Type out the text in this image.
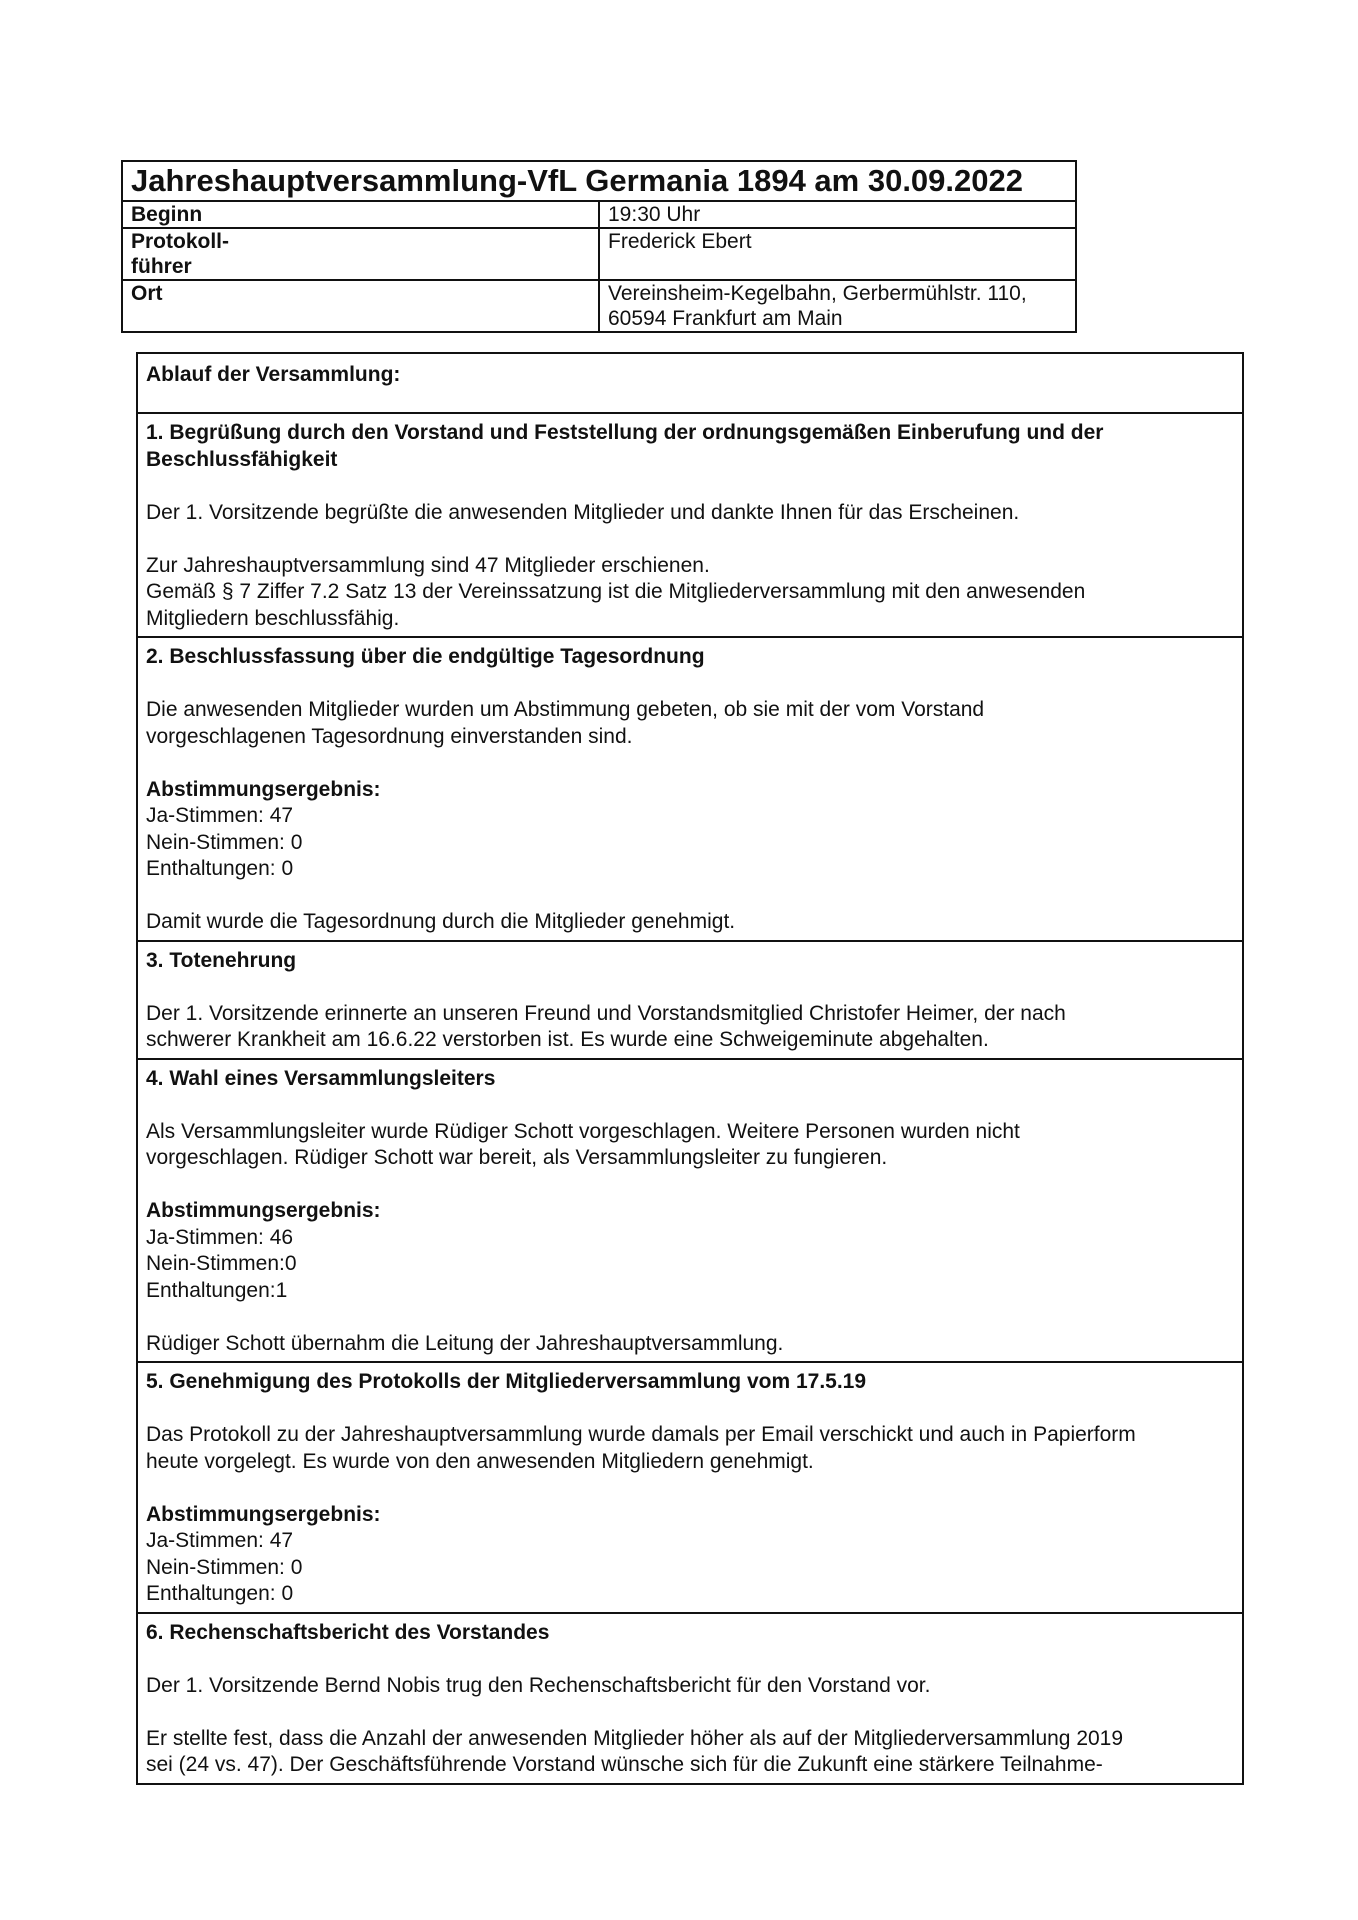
Jahreshauptversammlung-VfL Germania 1894 am 30.09.2022	
Beginn	19:30 Uhr

Protokoll-
führer	Frederick Ebert
Ort	Vereinsheim-Kegelbahn, Gerbermühlstr. 110, 60594 Frankfurt am Main

Ablauf der Versammlung:

1. Begrüßung durch den Vorstand und Feststellung der ordnungsgemäßen Einberufung und der
Beschlussfähigkeit

Der 1. Vorsitzende begrüßte die anwesenden Mitglieder und dankte Ihnen für das Erscheinen.

Zur Jahreshauptversammlung sind 47 Mitglieder erschienen.
Gemäß § 7 Ziffer 7.2 Satz 13 der Vereinssatzung ist die Mitgliederversammlung mit den anwesenden
Mitgliedern beschlussfähig.

2. Beschlussfassung über die endgültige Tagesordnung

Die anwesenden Mitglieder wurden um Abstimmung gebeten, ob sie mit der vom Vorstand
vorgeschlagenen Tagesordnung einverstanden sind.

Abstimmungsergebnis:
Ja-Stimmen: 47
Nein-Stimmen: 0
Enthaltungen: 0

Damit wurde die Tagesordnung durch die Mitglieder genehmigt.

3. Totenehrung

Der 1. Vorsitzende erinnerte an unseren Freund und Vorstandsmitglied Christofer Heimer, der nach
schwerer Krankheit am 16.6.22 verstorben ist. Es wurde eine Schweigeminute abgehalten.

4. Wahl eines Versammlungsleiters

Als Versammlungsleiter wurde Rüdiger Schott vorgeschlagen. Weitere Personen wurden nicht
vorgeschlagen. Rüdiger Schott war bereit, als Versammlungsleiter zu fungieren.

Abstimmungsergebnis:
Ja-Stimmen: 46
Nein-Stimmen:0
Enthaltungen:1

Rüdiger Schott übernahm die Leitung der Jahreshauptversammlung.

5. Genehmigung des Protokolls der Mitgliederversammlung vom 17.5.19

Das Protokoll zu der Jahreshauptversammlung wurde damals per Email verschickt und auch in Papierform
heute vorgelegt. Es wurde von den anwesenden Mitgliedern genehmigt.

Abstimmungsergebnis:
Ja-Stimmen: 47
Nein-Stimmen: 0
Enthaltungen: 0

6. Rechenschaftsbericht des Vorstandes

Der 1. Vorsitzende Bernd Nobis trug den Rechenschaftsbericht für den Vorstand vor.

Er stellte fest, dass die Anzahl der anwesenden Mitglieder höher als auf der Mitgliederversammlung 2019
sei (24 vs. 47). Der Geschäftsführende Vorstand wünsche sich für die Zukunft eine stärkere Teilnahme-
